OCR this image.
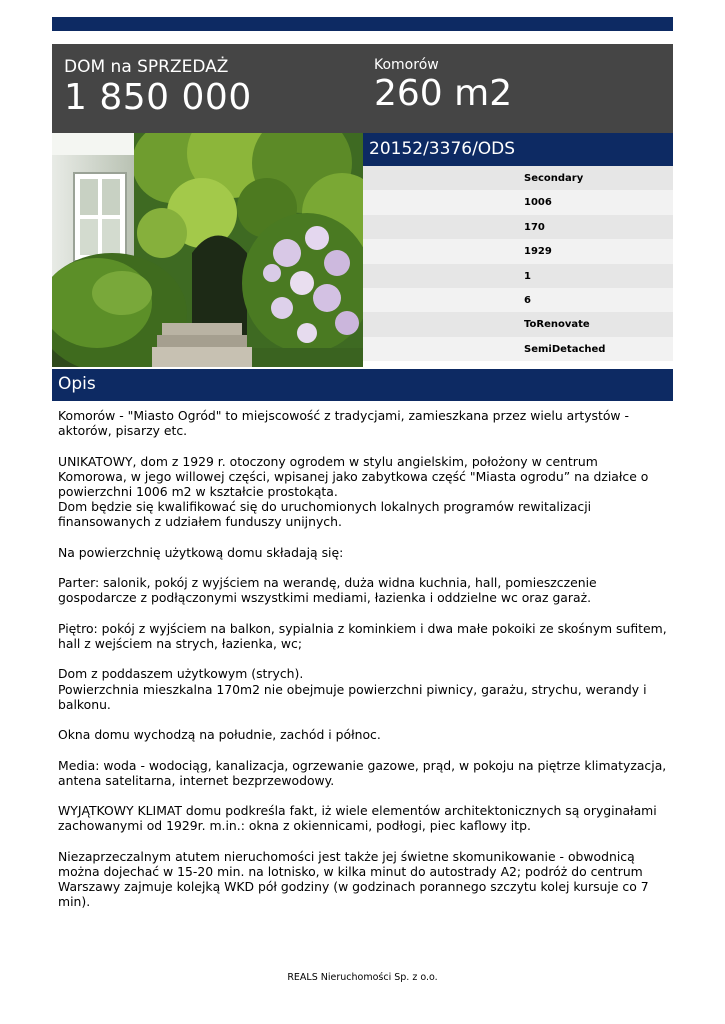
DOM na SPRZEDAŻ
1 850 000
Komorów
260 m2
20152/3376/ODS
Secondary
1006
170
1929
1
6
ToRenovate
SemiDetached
Opis

Komorów - "Miasto Ogród" to miejscowość z tradycjami, zamieszkana przez wielu artystów - aktorów, pisarzy etc.

UNIKATOWY, dom z 1929 r. otoczony ogrodem w stylu angielskim, położony w centrum Komorowa, w jego willowej części, wpisanej jako zabytkowa część "Miasta ogrodu” na działce o powierzchni 1006 m2 w kształcie prostokąta.
Dom będzie się kwalifikować się do uruchomionych lokalnych programów rewitalizacji finansowanych z udziałem funduszy unijnych.

Na powierzchnię użytkową domu składają się:

Parter: salonik, pokój z wyjściem na werandę, duża widna kuchnia, hall, pomieszczenie gospodarcze z podłączonymi wszystkimi mediami, łazienka i oddzielne wc oraz garaż.

Piętro: pokój z wyjściem na balkon, sypialnia z kominkiem i dwa małe pokoiki ze skośnym sufitem, hall z wejściem na strych, łazienka, wc;

Dom z poddaszem użytkowym (strych).
Powierzchnia mieszkalna 170m2 nie obejmuje powierzchni piwnicy, garażu, strychu, werandy i balkonu.

Okna domu wychodzą na południe, zachód i północ.

Media: woda - wodociąg, kanalizacja, ogrzewanie gazowe, prąd, w pokoju na piętrze klimatyzacja, antena satelitarna, internet bezprzewodowy.

WYJĄTKOWY KLIMAT domu podkreśla fakt, iż wiele elementów architektonicznych są oryginałami zachowanymi od 1929r. m.in.: okna z okiennicami, podłogi, piec kaflowy itp.

Niezaprzeczalnym atutem nieruchomości jest także jej świetne skomunikowanie - obwodnicą można dojechać w 15-20 min. na lotnisko, w kilka minut do autostrady A2; podróż do centrum Warszawy zajmuje kolejką WKD pół godziny (w godzinach porannego szczytu kolej kursuje co 7 min).

REALS Nieruchomości Sp. z o.o.
